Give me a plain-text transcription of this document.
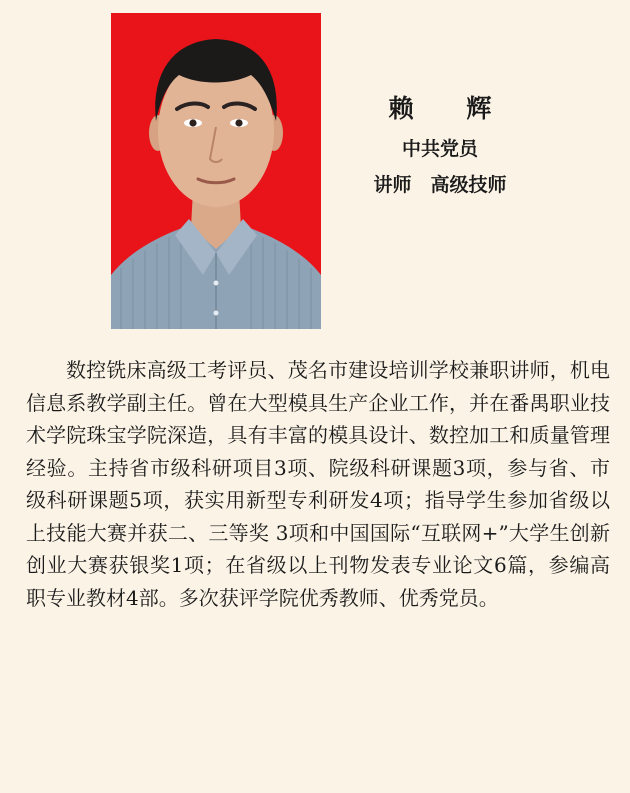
赖 辉
中共党员
讲师　高级技师

数控铣床高级工考评员、茂名市建设培训学校兼职讲师，机电信息系教学副主任。曾在大型模具生产企业工作，并在番禺职业技术学院珠宝学院深造，具有丰富的模具设计、数控加工和质量管理经验。主持省市级科研项目3项、院级科研课题3项，参与省、市级科研课题5项，获实用新型专利研发4项；指导学生参加省级以上技能大赛并获二、三等奖 3项和中国国际“互联网+”大学生创新创业大赛获银奖1项；在省级以上刊物发表专业论文6篇，参编高职专业教材4部。多次获评学院优秀教师、优秀党员。
